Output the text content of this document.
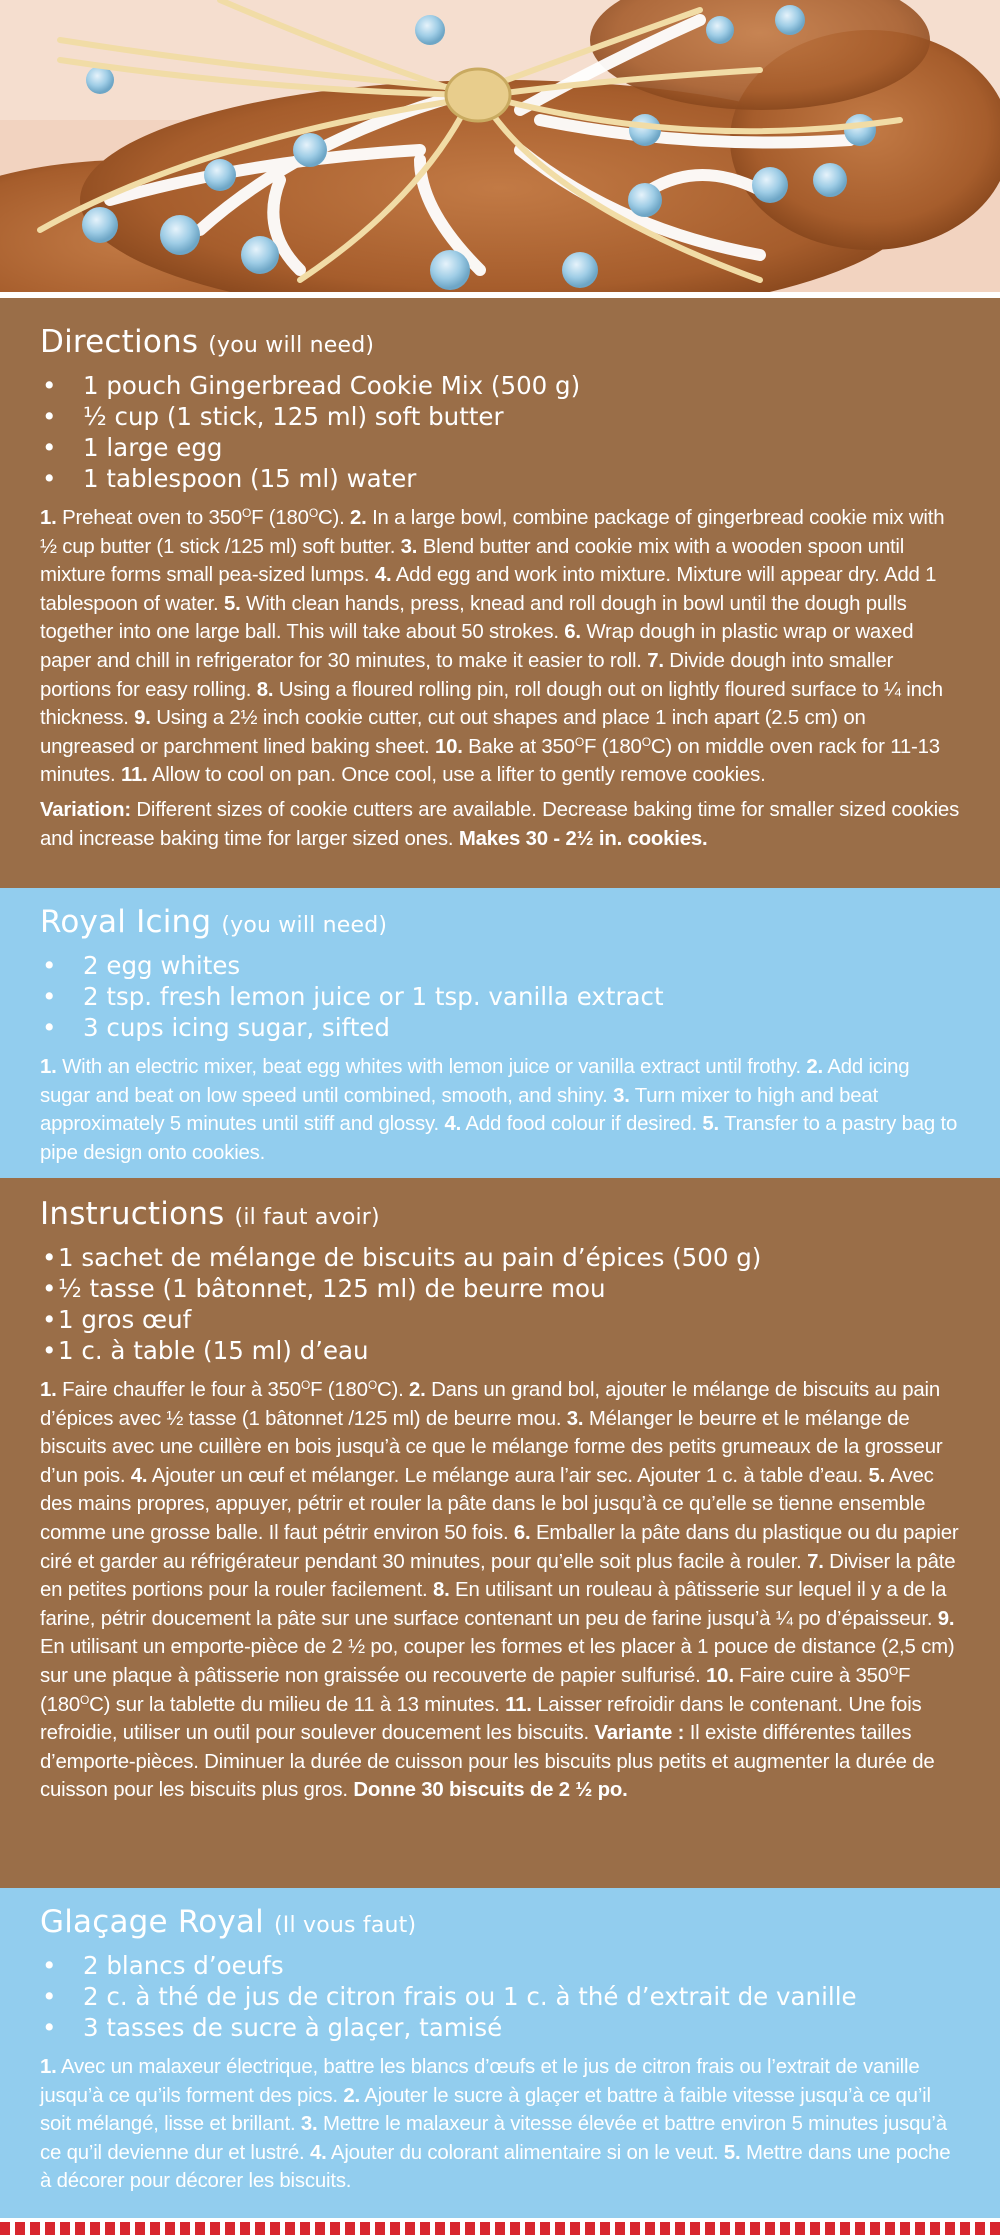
Directions (you will need)
• 1 pouch Gingerbread Cookie Mix (500 g)
• ½ cup (1 stick, 125 ml) soft butter
• 1 large egg
• 1 tablespoon (15 ml) water

1. Preheat oven to $350^OF$ $(180^OC)$. 2. In a large bowl, combine package of gingerbread cookie mix with ½ cup butter (1 stick /125 ml) soft butter. 3. Blend butter and cookie mix with a wooden spoon until mixture forms small pea-sized lumps. 4. Add egg and work into mixture. Mixture will appear dry. Add 1 tablespoon of water. 5. With clean hands, press, knead and roll dough in bowl until the dough pulls together into one large ball. This will take about 50 strokes. 6. Wrap dough in plastic wrap or waxed paper and chill in refrigerator for 30 minutes, to make it easier to roll. 7. Divide dough into smaller portions for easy rolling. 8. Using a floured rolling pin, roll dough out on lightly floured surface to ¼ inch thickness. 9. Using a 2½ inch cookie cutter, cut out shapes and place 1 inch apart (2.5 cm) on ungreased or parchment lined baking sheet. 10. Bake at $350^OF$ $(180^OC)$ on middle oven rack for 11-13 minutes. 11. Allow to cool on pan. Once cool, use a lifter to gently remove cookies.

Variation: Different sizes of cookie cutters are available. Decrease baking time for smaller sized cookies and increase baking time for larger sized ones. Makes 30 - 2½ in. cookies.

Royal Icing (you will need)
• 2 egg whites
• 2 tsp. fresh lemon juice or 1 tsp. vanilla extract
• 3 cups icing sugar, sifted

1. With an electric mixer, beat egg whites with lemon juice or vanilla extract until frothy. 2. Add icing sugar and beat on low speed until combined, smooth, and shiny. 3. Turn mixer to high and beat approximately 5 minutes until stiff and glossy. 4. Add food colour if desired. 5. Transfer to a pastry bag to pipe design onto cookies.

Instructions (il faut avoir)
• 1 sachet de mélange de biscuits au pain d’épices (500 g)
• ½ tasse (1 bâtonnet, 125 ml) de beurre mou
• 1 gros œuf
• 1 c. à table (15 ml) d’eau

1. Faire chauffer le four à $350^OF$ $(180^OC)$. 2. Dans un grand bol, ajouter le mélange de biscuits au pain d’épices avec ½ tasse (1 bâtonnet /125 ml) de beurre mou. 3. Mélanger le beurre et le mélange de biscuits avec une cuillère en bois jusqu’à ce que le mélange forme des petits grumeaux de la grosseur d’un pois. 4. Ajouter un œuf et mélanger. Le mélange aura l’air sec. Ajouter 1 c. à table d’eau. 5. Avec des mains propres, appuyer, pétrir et rouler la pâte dans le bol jusqu’à ce qu’elle se tienne ensemble comme une grosse balle. Il faut pétrir environ 50 fois. 6. Emballer la pâte dans du plastique ou du papier ciré et garder au réfrigérateur pendant 30 minutes, pour qu’elle soit plus facile à rouler. 7. Diviser la pâte en petites portions pour la rouler facilement. 8. En utilisant un rouleau à pâtisserie sur lequel il y a de la farine, pétrir doucement la pâte sur une surface contenant un peu de farine jusqu’à ¼ po d’épaisseur. 9. En utilisant un emporte-pièce de 2 ½ po, couper les formes et les placer à 1 pouce de distance (2,5 cm) sur une plaque à pâtisserie non graissée ou recouverte de papier sulfurisé. 10. Faire cuire à $350^OF$ $(180^OC)$ sur la tablette du milieu de 11 à 13 minutes. 11. Laisser refroidir dans le contenant. Une fois refroidie, utiliser un outil pour soulever doucement les biscuits. Variante : Il existe différentes tailles d’emporte-pièces. Diminuer la durée de cuisson pour les biscuits plus petits et augmenter la durée de cuisson pour les biscuits plus gros. Donne 30 biscuits de 2 ½ po.

Glaçage Royal (Il vous faut)
• 2 blancs d’oeufs
• 2 c. à thé de jus de citron frais ou 1 c. à thé d’extrait de vanille
• 3 tasses de sucre à glaçer, tamisé

1. Avec un malaxeur électrique, battre les blancs d’œufs et le jus de citron frais ou l’extrait de vanille jusqu’à ce qu’ils forment des pics. 2. Ajouter le sucre à glaçer et battre à faible vitesse jusqu’à ce qu’il soit mélangé, lisse et brillant. 3. Mettre le malaxeur à vitesse élevée et battre environ 5 minutes jusqu’à ce qu’il devienne dur et lustré. 4. Ajouter du colorant alimentaire si on le veut. 5. Mettre dans une poche à décorer pour décorer les biscuits.
